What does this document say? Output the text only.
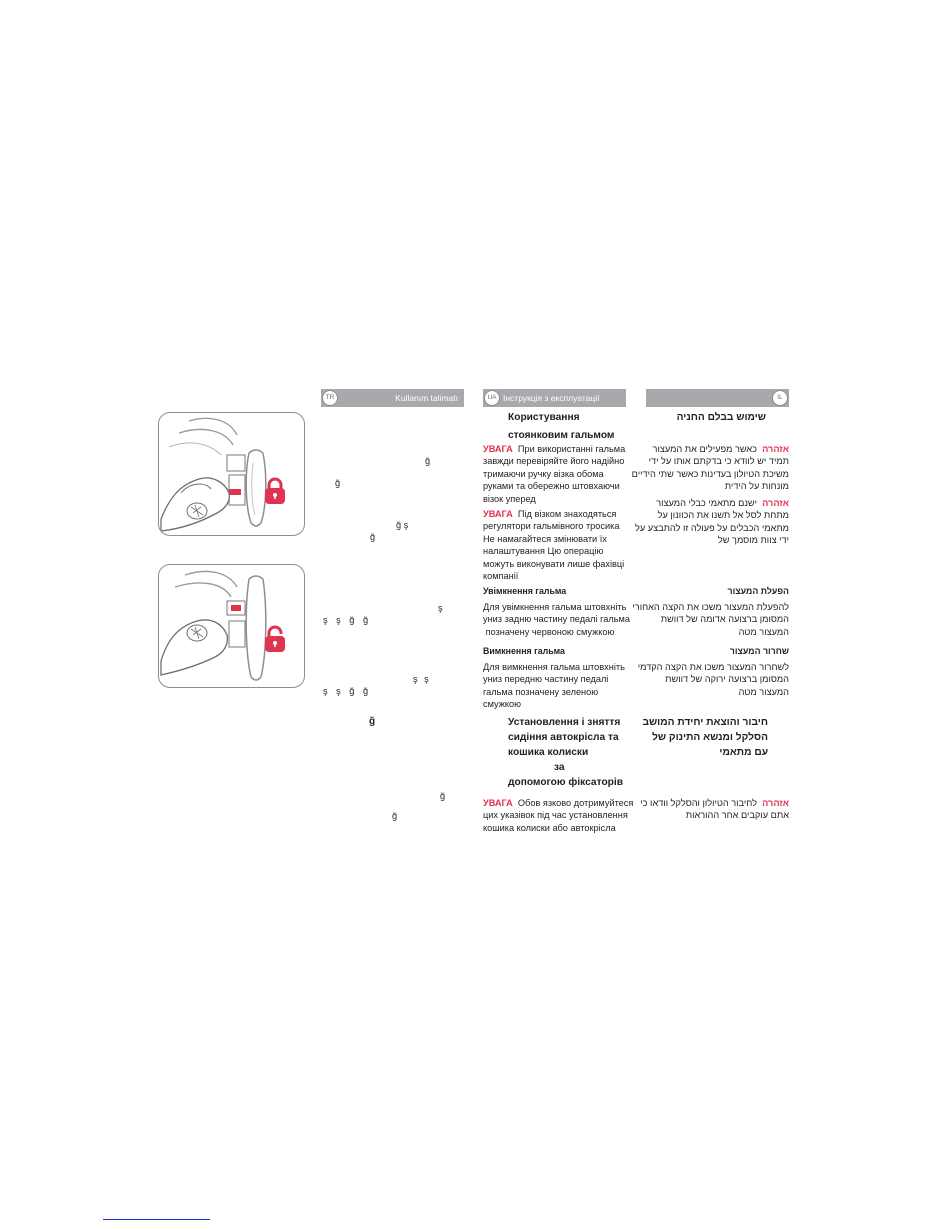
TR	Kullanım talimatı	UA Інструкція з експлуатації	IL
ğ
ğ
ğ ş
ğ
ş
ş ş ğ ğ
ş ş
ş ş ğ ğ
ğ
ğ
ğ
Користування
стоянковим гальмом
УВАГА При використанні гальма
завжди перевіряйте його надійно
тримаючи ручку візка обома
руками та обережно штовхаючи
візок уперед
УВАГА Під візком знаходяться
регулятори гальмівного тросика
Не намагайтеся змінювати їх
налаштування Цю операцію
можуть виконувати лише фахівці
компанії
Увімкнення гальма
Для увімкнення гальма штовхніть
униз задню частину педалі гальма
позначену червоною смужкою
Вимкнення гальма
Для вимкнення гальма штовхніть
униз передню частину педалі
гальма позначену зеленою
смужкою
Установлення і зняття
сидіння автокрісла та
кошика колиски
за
допомогою фіксаторів
УВАГА Обов язково дотримуйтеся
цих указівок під час установлення
кошика колиски або автокрісла
שימוש בבלם החניה
אזהרה  כאשר מפעילים את המעצור
תמיד יש לוודא כי בדקתם אותו על ידי
משיכת הטיולון בעדינות כאשר שתי הידיים
מונחות על הידית
אזהרה  ישנם מתאמי כבלי המעצור
מתחת לסל אל תשנו את הכוונון על
מתאמי הכבלים על פעולה זו להתבצע על
ידי צוות מוסמך של
הפעלת המעצור
להפעלת המעצור משכו את הקצה האחורי
המסומן ברצועה אדומה של דוושת
המעצור מטה
שחרור המעצור
לשחרור המעצור משכו את הקצה הקדמי
המסומן ברצועה ירוקה של דוושת
המעצור מטה
חיבור והוצאת יחידת המושב
הסלקל ומנשא התינוק של
עם מתאמי
אזהרה  לחיבור הטיולון והסלקל וודאו כי
אתם עוקבים אחר ההוראות
